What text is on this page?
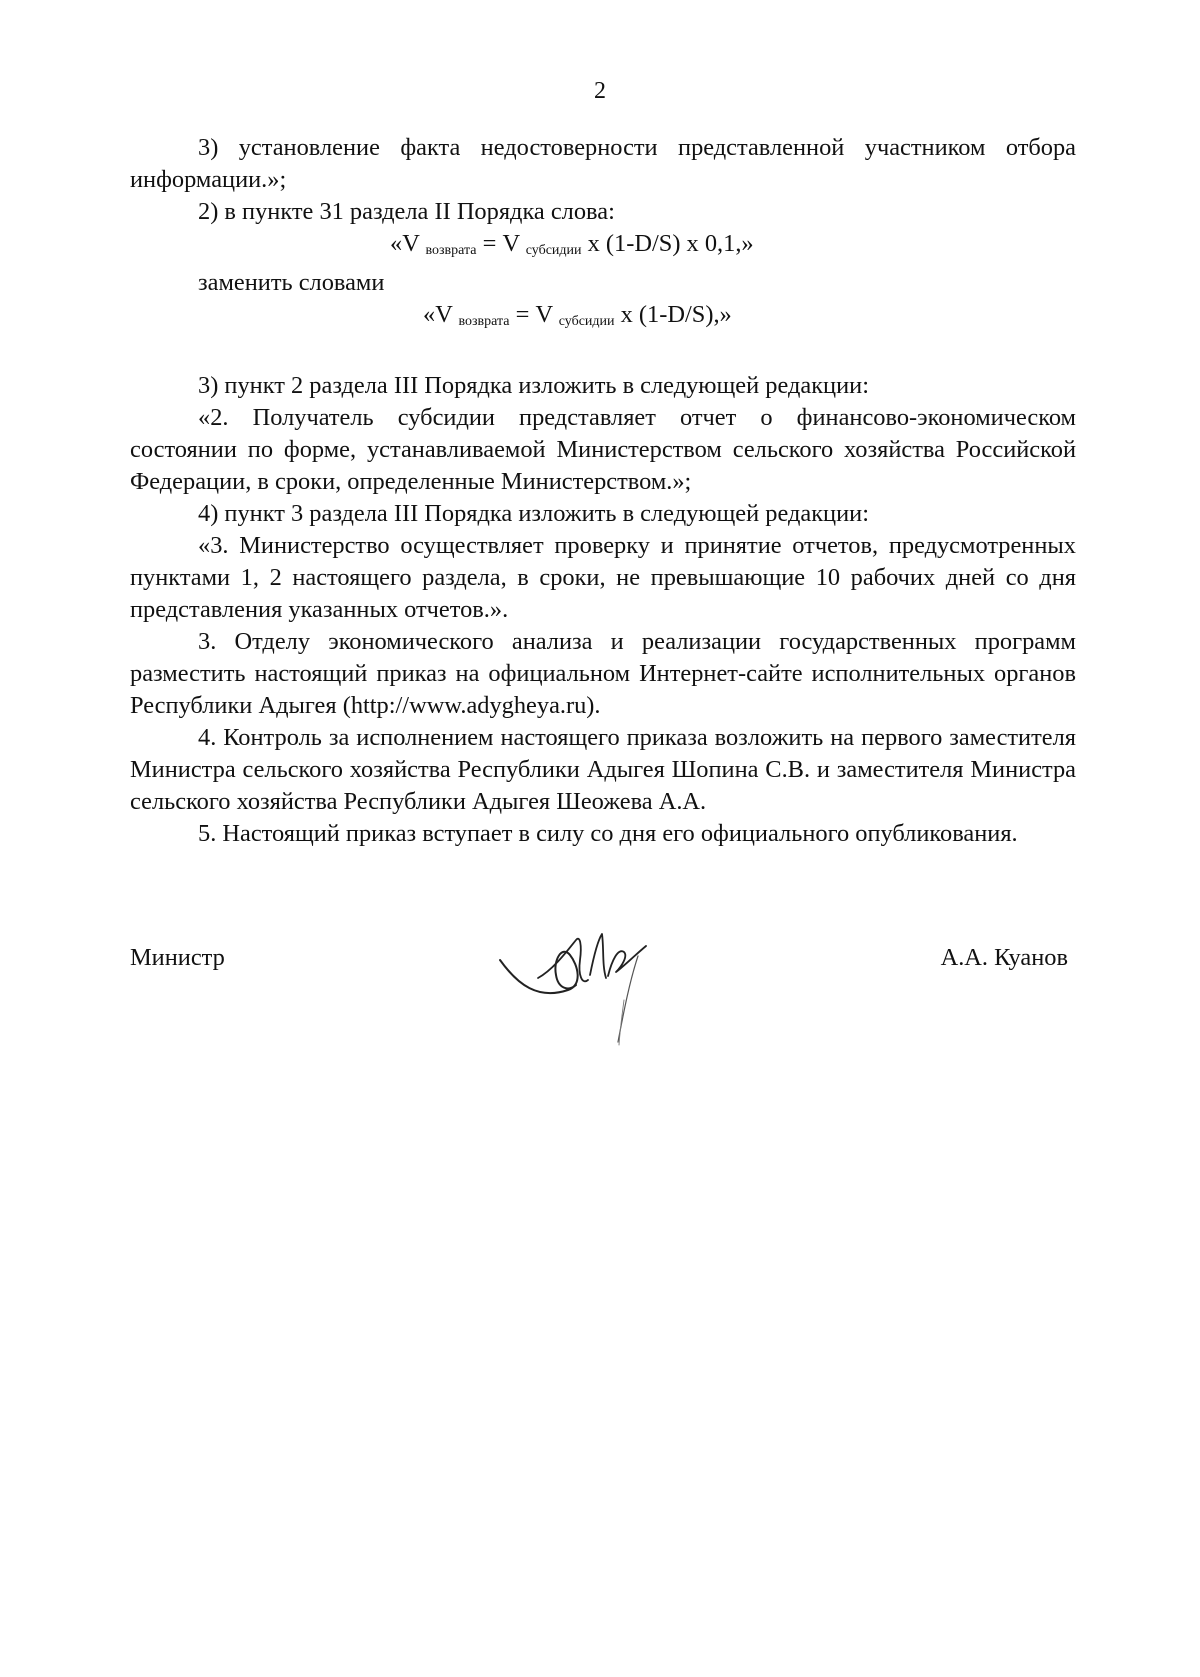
2

3) установление факта недостоверности представленной участником отбора информации.»;

2) в пункте 31 раздела II Порядка слова:

«V $_{возврата}$ = V $_{субсидии}$ x (1-D/S) x 0,1,»

заменить словами

«V $_{возврата}$ = V $_{субсидии}$ x (1-D/S),»

3) пункт 2 раздела III Порядка изложить в следующей редакции:

«2. Получатель субсидии представляет отчет о финансово-экономическом состоянии по форме, устанавливаемой Министерством сельского хозяйства Российской Федерации, в сроки, определенные Министерством.»;

4) пункт 3 раздела III Порядка изложить в следующей редакции:

«3. Министерство осуществляет проверку и принятие отчетов, предусмотренных пунктами 1, 2 настоящего раздела, в сроки, не превышающие 10 рабочих дней со дня представления указанных отчетов.».

3. Отделу экономического анализа и реализации государственных программ разместить настоящий приказ на официальном Интернет-сайте исполнительных органов Республики Адыгея (http://www.adygheya.ru).

4. Контроль за исполнением настоящего приказа возложить на первого заместителя Министра сельского хозяйства Республики Адыгея Шопина С.В. и заместителя Министра сельского хозяйства Республики Адыгея Шеожева А.А.

5. Настоящий приказ вступает в силу со дня его официального опубликования.

Министр	А.А. Куанов
